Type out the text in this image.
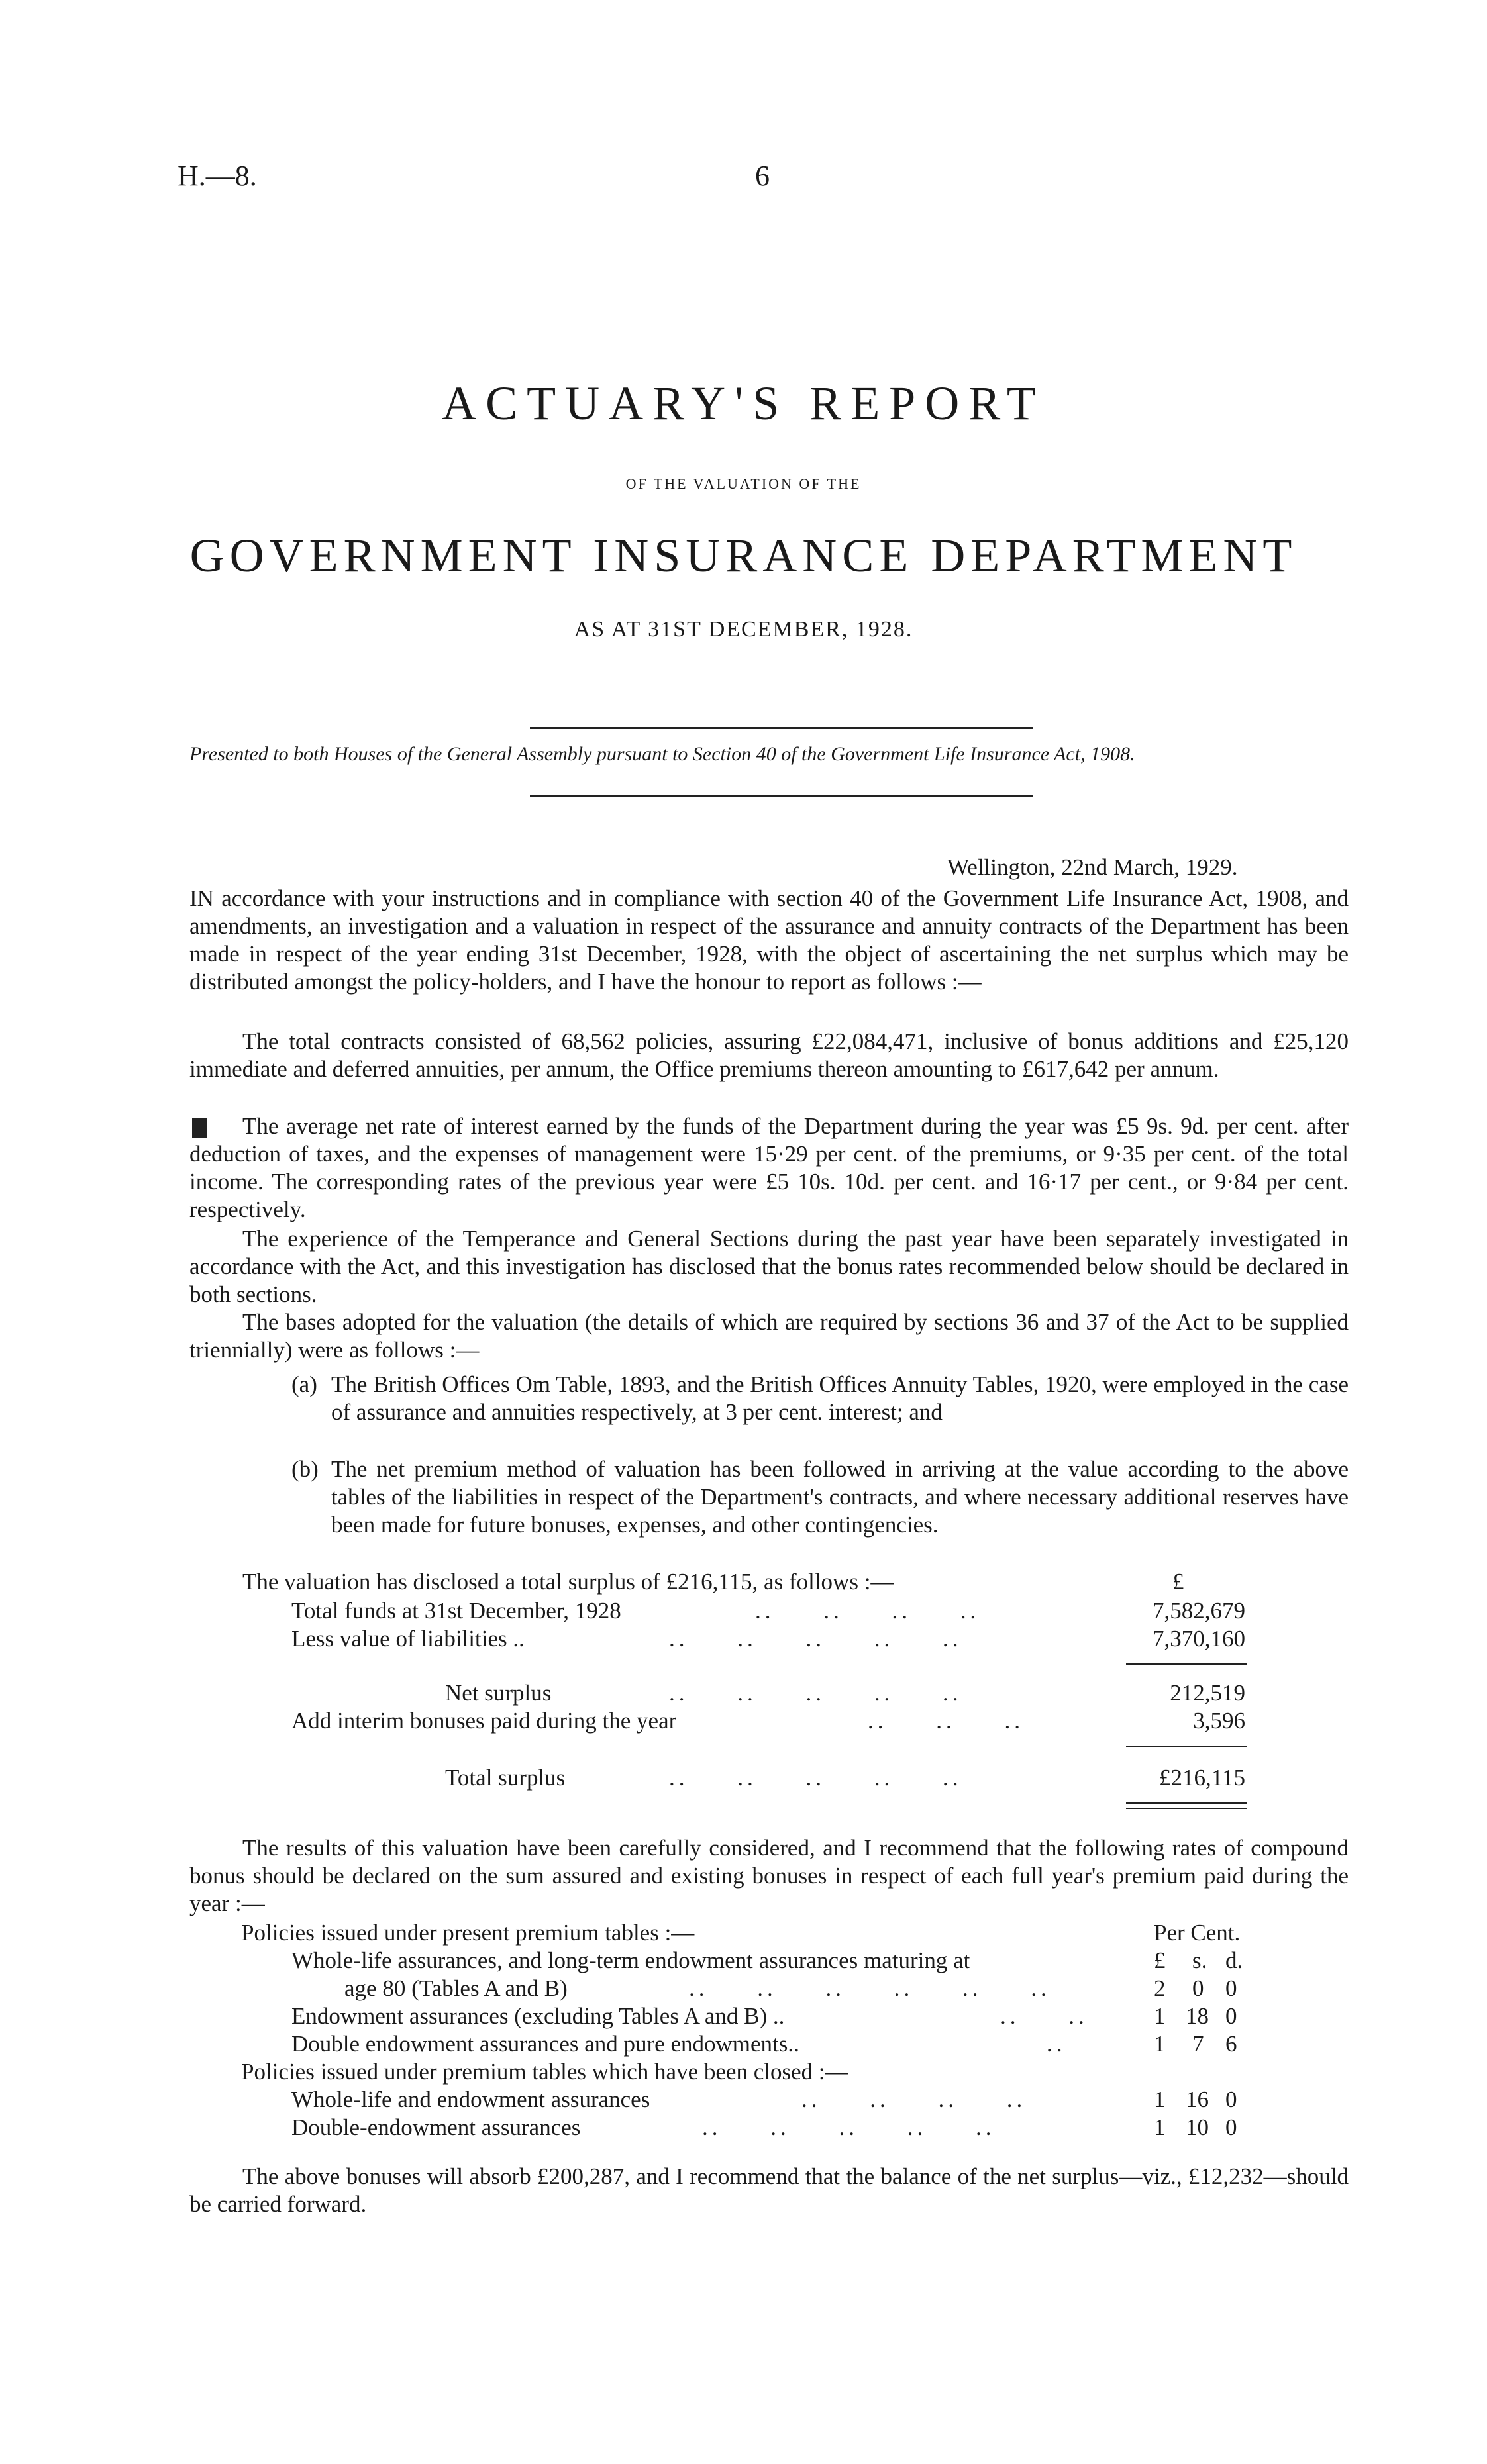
H.—8.	6
ACTUARY'S REPORT
OF THE VALUATION OF THE
GOVERNMENT INSURANCE DEPARTMENT
AS AT 31ST DECEMBER, 1928.
Presented to both Houses of the General Assembly pursuant to Section 40 of the Government Life Insurance Act, 1908.
Wellington, 22nd March, 1929.
IN accordance with your instructions and in compliance with section 40 of the Government Life Insurance Act, 1908, and amendments, an investigation and a valuation in respect of the assurance and annuity contracts of the Department has been made in respect of the year ending 31st December, 1928, with the object of ascertaining the net surplus which may be distributed amongst the policy-holders, and I have the honour to report as follows :—
The total contracts consisted of 68,562 policies, assuring £22,084,471, inclusive of bonus additions and £25,120 immediate and deferred annuities, per annum, the Office premiums thereon amounting to £617,642 per annum.
The average net rate of interest earned by the funds of the Department during the year was £5 9s. 9d. per cent. after deduction of taxes, and the expenses of management were 15·29 per cent. of the premiums, or 9·35 per cent. of the total income. The corresponding rates of the previous year were £5 10s. 10d. per cent. and 16·17 per cent., or 9·84 per cent. respectively.
The experience of the Temperance and General Sections during the past year have been separately investigated in accordance with the Act, and this investigation has disclosed that the bonus rates recommended below should be declared in both sections.
The bases adopted for the valuation (the details of which are required by sections 36 and 37 of the Act to be supplied triennially) were as follows :—
(a) The British Offices Om Table, 1893, and the British Offices Annuity Tables, 1920, were employed in the case of assurance and annuities respectively, at 3 per cent. interest; and
(b) The net premium method of valuation has been followed in arriving at the value according to the above tables of the liabilities in respect of the Department's contracts, and where necessary additional reserves have been made for future bonuses, expenses, and other contingencies.
The valuation has disclosed a total surplus of £216,115, as follows :—	£
Total funds at 31st December, 1928	..     ..     ..     ..	7,582,679
Less value of liabilities ..	..     ..     ..     ..     ..	7,370,160
Net surplus	..     ..     ..     ..     ..	212,519
Add interim bonuses paid during the year	..     ..     ..	3,596
Total surplus	..     ..     ..     ..     ..	£216,115
The results of this valuation have been carefully considered, and I recommend that the following rates of compound bonus should be declared on the sum assured and existing bonuses in respect of each full year's premium paid during the year :—
Policies issued under present premium tables :—	Per Cent.
Whole-life assurances, and long-term endowment assurances maturing at	£ s. d.
age 80 (Tables A and B)	..     ..     ..     ..     ..     ..	2 0 0
Endowment assurances (excluding Tables A and B) ..	..     ..	1 18 0
Double endowment assurances and pure endowments..	..	1 7 6
Policies issued under premium tables which have been closed :—
Whole-life and endowment assurances	..     ..     ..     ..	1 16 0
Double-endowment assurances	..     ..     ..     ..     ..	1 10 0
The above bonuses will absorb £200,287, and I recommend that the balance of the net surplus—viz., £12,232—should be carried forward.
